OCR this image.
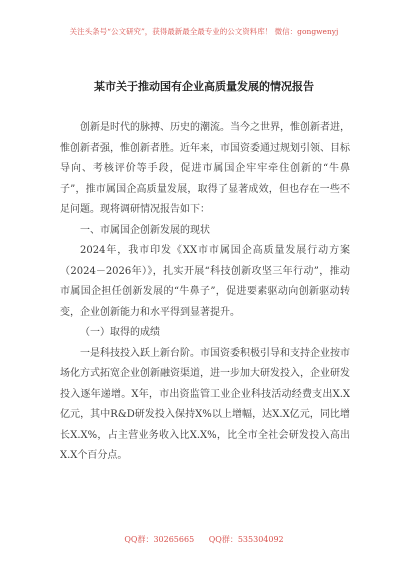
关注头条号“公文研究”，获得最新最全最专业的公文资料库！ 微信：gongwenyj
某市关于推动国有企业高质量发展的情况报告

创新是时代的脉搏、历史的潮流。当今之世界，惟创新者进，惟创新者强，惟创新者胜。近年来，市国资委通过规划引领、目标导向、考核评价等手段，促进市属国企牢牢牵住创新的“牛鼻子”，推市属国企高质量发展，取得了显著成效，但也存在一些不足问题。现将调研情况报告如下：

一、市属国企创新发展的现状

2024年，我市印发《XX市市属国企高质量发展行动方案（2024－2026年）》，扎实开展“科技创新攻坚三年行动”，推动市属国企担任创新发展的“牛鼻子”，促进要素驱动向创新驱动转变，企业创新能力和水平得到显著提升。

（一）取得的成绩

一是科技投入跃上新台阶。市国资委积极引导和支持企业按市场化方式拓宽企业创新融资渠道，进一步加大研发投入，企业研发投入逐年递增。X年，市出资监管工业企业科技活动经费支出X.X亿元，其中R&D研发投入保持X%以上增幅，达X.X亿元，同比增长X.X%，占主营业务收入比X.X%，比全市全社会研发投入高出X.X个百分点。

QQ群：30265665 QQ群：535304092
